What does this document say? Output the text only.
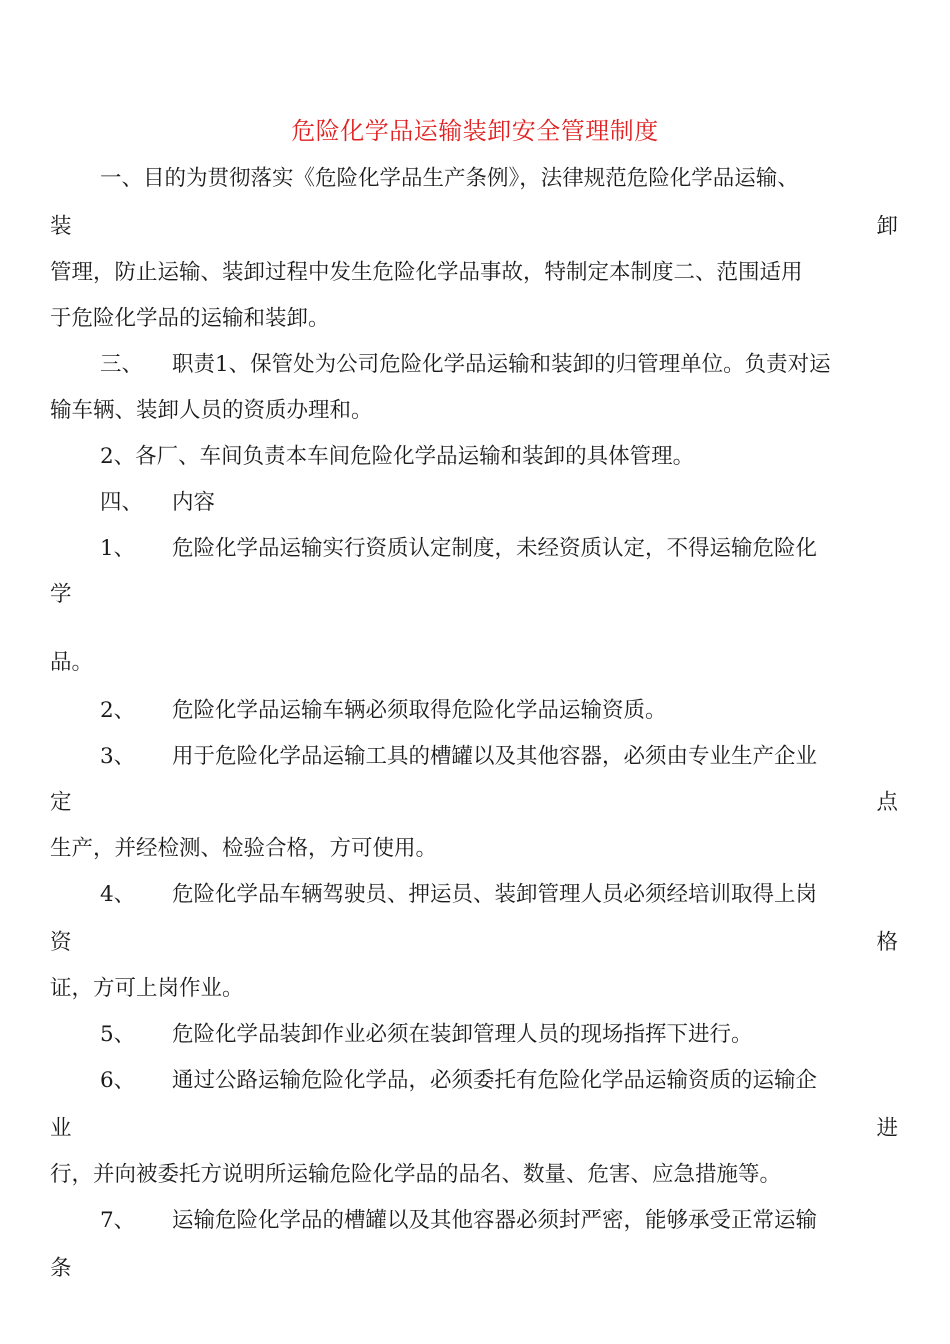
危险化学品运输装卸安全管理制度
一、目的为贯彻落实《危险化学品生产条例》，法律规范危险化学品运输、
装	卸
管理，防止运输、装卸过程中发生危险化学品事故，特制定本制度二、范围适用
于危险化学品的运输和装卸。
三、 职责1、保管处为公司危险化学品运输和装卸的归管理单位。负责对运
输车辆、装卸人员的资质办理和。
2、各厂、车间负责本车间危险化学品运输和装卸的具体管理。
四、 内容
1、 危险化学品运输实行资质认定制度，未经资质认定，不得运输危险化
学
品。
2、 危险化学品运输车辆必须取得危险化学品运输资质。
3、 用于危险化学品运输工具的槽罐以及其他容器，必须由专业生产企业
定	点
生产，并经检测、检验合格，方可使用。
4、 危险化学品车辆驾驶员、押运员、装卸管理人员必须经培训取得上岗
资	格
证，方可上岗作业。
5、 危险化学品装卸作业必须在装卸管理人员的现场指挥下进行。
6、 通过公路运输危险化学品，必须委托有危险化学品运输资质的运输企
业	进
行，并向被委托方说明所运输危险化学品的品名、数量、危害、应急措施等。
7、 运输危险化学品的槽罐以及其他容器必须封严密，能够承受正常运输
条
